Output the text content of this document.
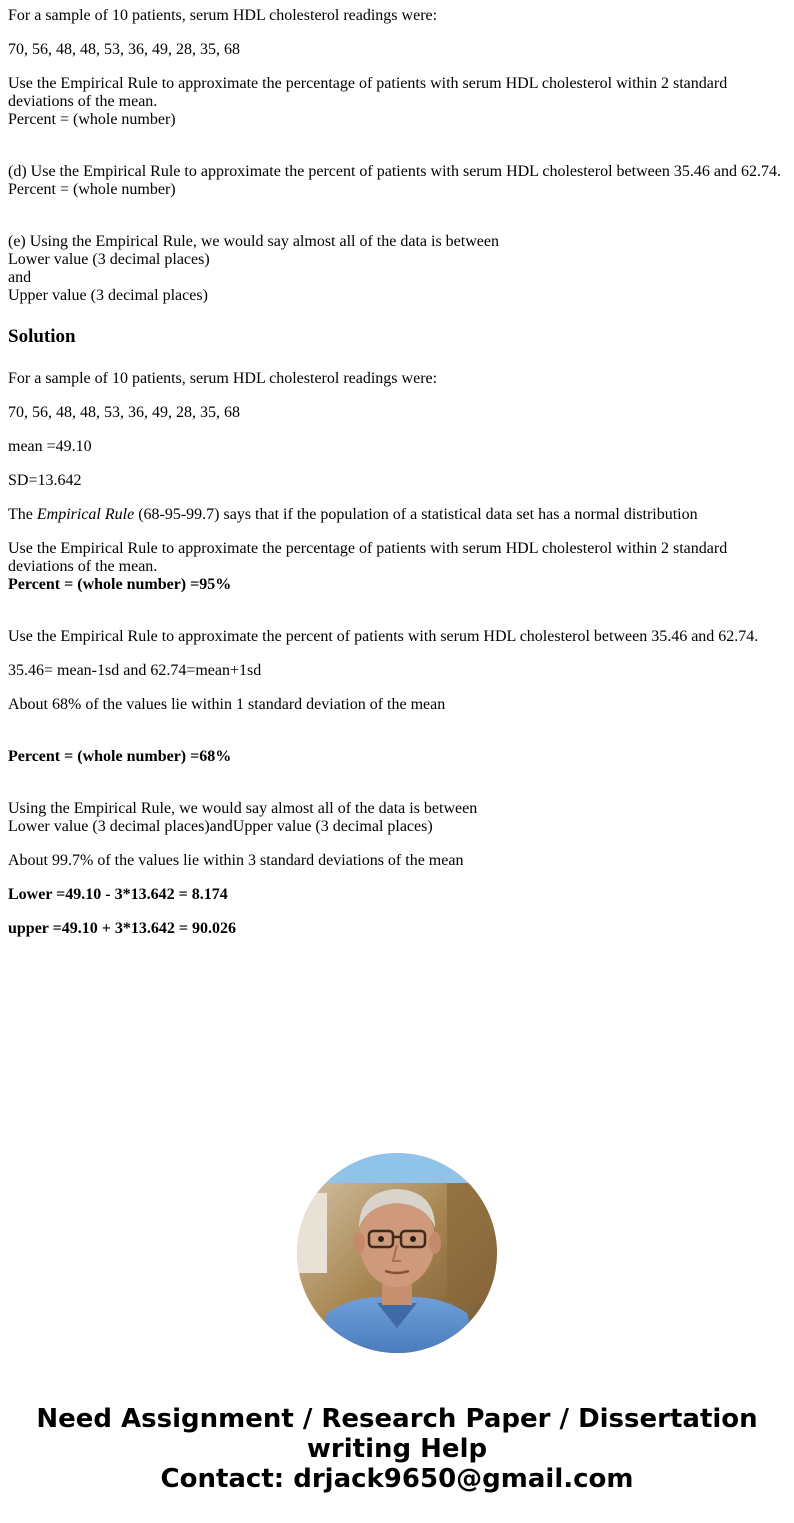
For a sample of 10 patients, serum HDL cholesterol readings were:
70, 56, 48, 48, 53, 36, 49, 28, 35, 68
Use the Empirical Rule to approximate the percentage of patients with serum HDL cholesterol within 2 standard
deviations of the mean.
Percent = (whole number)
(d) Use the Empirical Rule to approximate the percent of patients with serum HDL cholesterol between 35.46 and 62.74.
Percent = (whole number)
(e) Using the Empirical Rule, we would say almost all of the data is between
Lower value (3 decimal places)
and
Upper value (3 decimal places)
Solution
For a sample of 10 patients, serum HDL cholesterol readings were:
70, 56, 48, 48, 53, 36, 49, 28, 35, 68
mean =49.10
SD=13.642
The Empirical Rule (68-95-99.7) says that if the population of a statistical data set has a normal distribution
Use the Empirical Rule to approximate the percentage of patients with serum HDL cholesterol within 2 standard
deviations of the mean.
Percent = (whole number) =95%
Use the Empirical Rule to approximate the percent of patients with serum HDL cholesterol between 35.46 and 62.74.
35.46= mean-1sd and 62.74=mean+1sd
About 68% of the values lie within 1 standard deviation of the mean
Percent = (whole number) =68%
Using the Empirical Rule, we would say almost all of the data is between
Lower value (3 decimal places)andUpper value (3 decimal places)
About 99.7% of the values lie within 3 standard deviations of the mean
Lower =49.10 - 3*13.642 = 8.174
upper =49.10 + 3*13.642 = 90.026
Need Assignment / Research Paper / Dissertation
writing Help
Contact: drjack9650@gmail.com
